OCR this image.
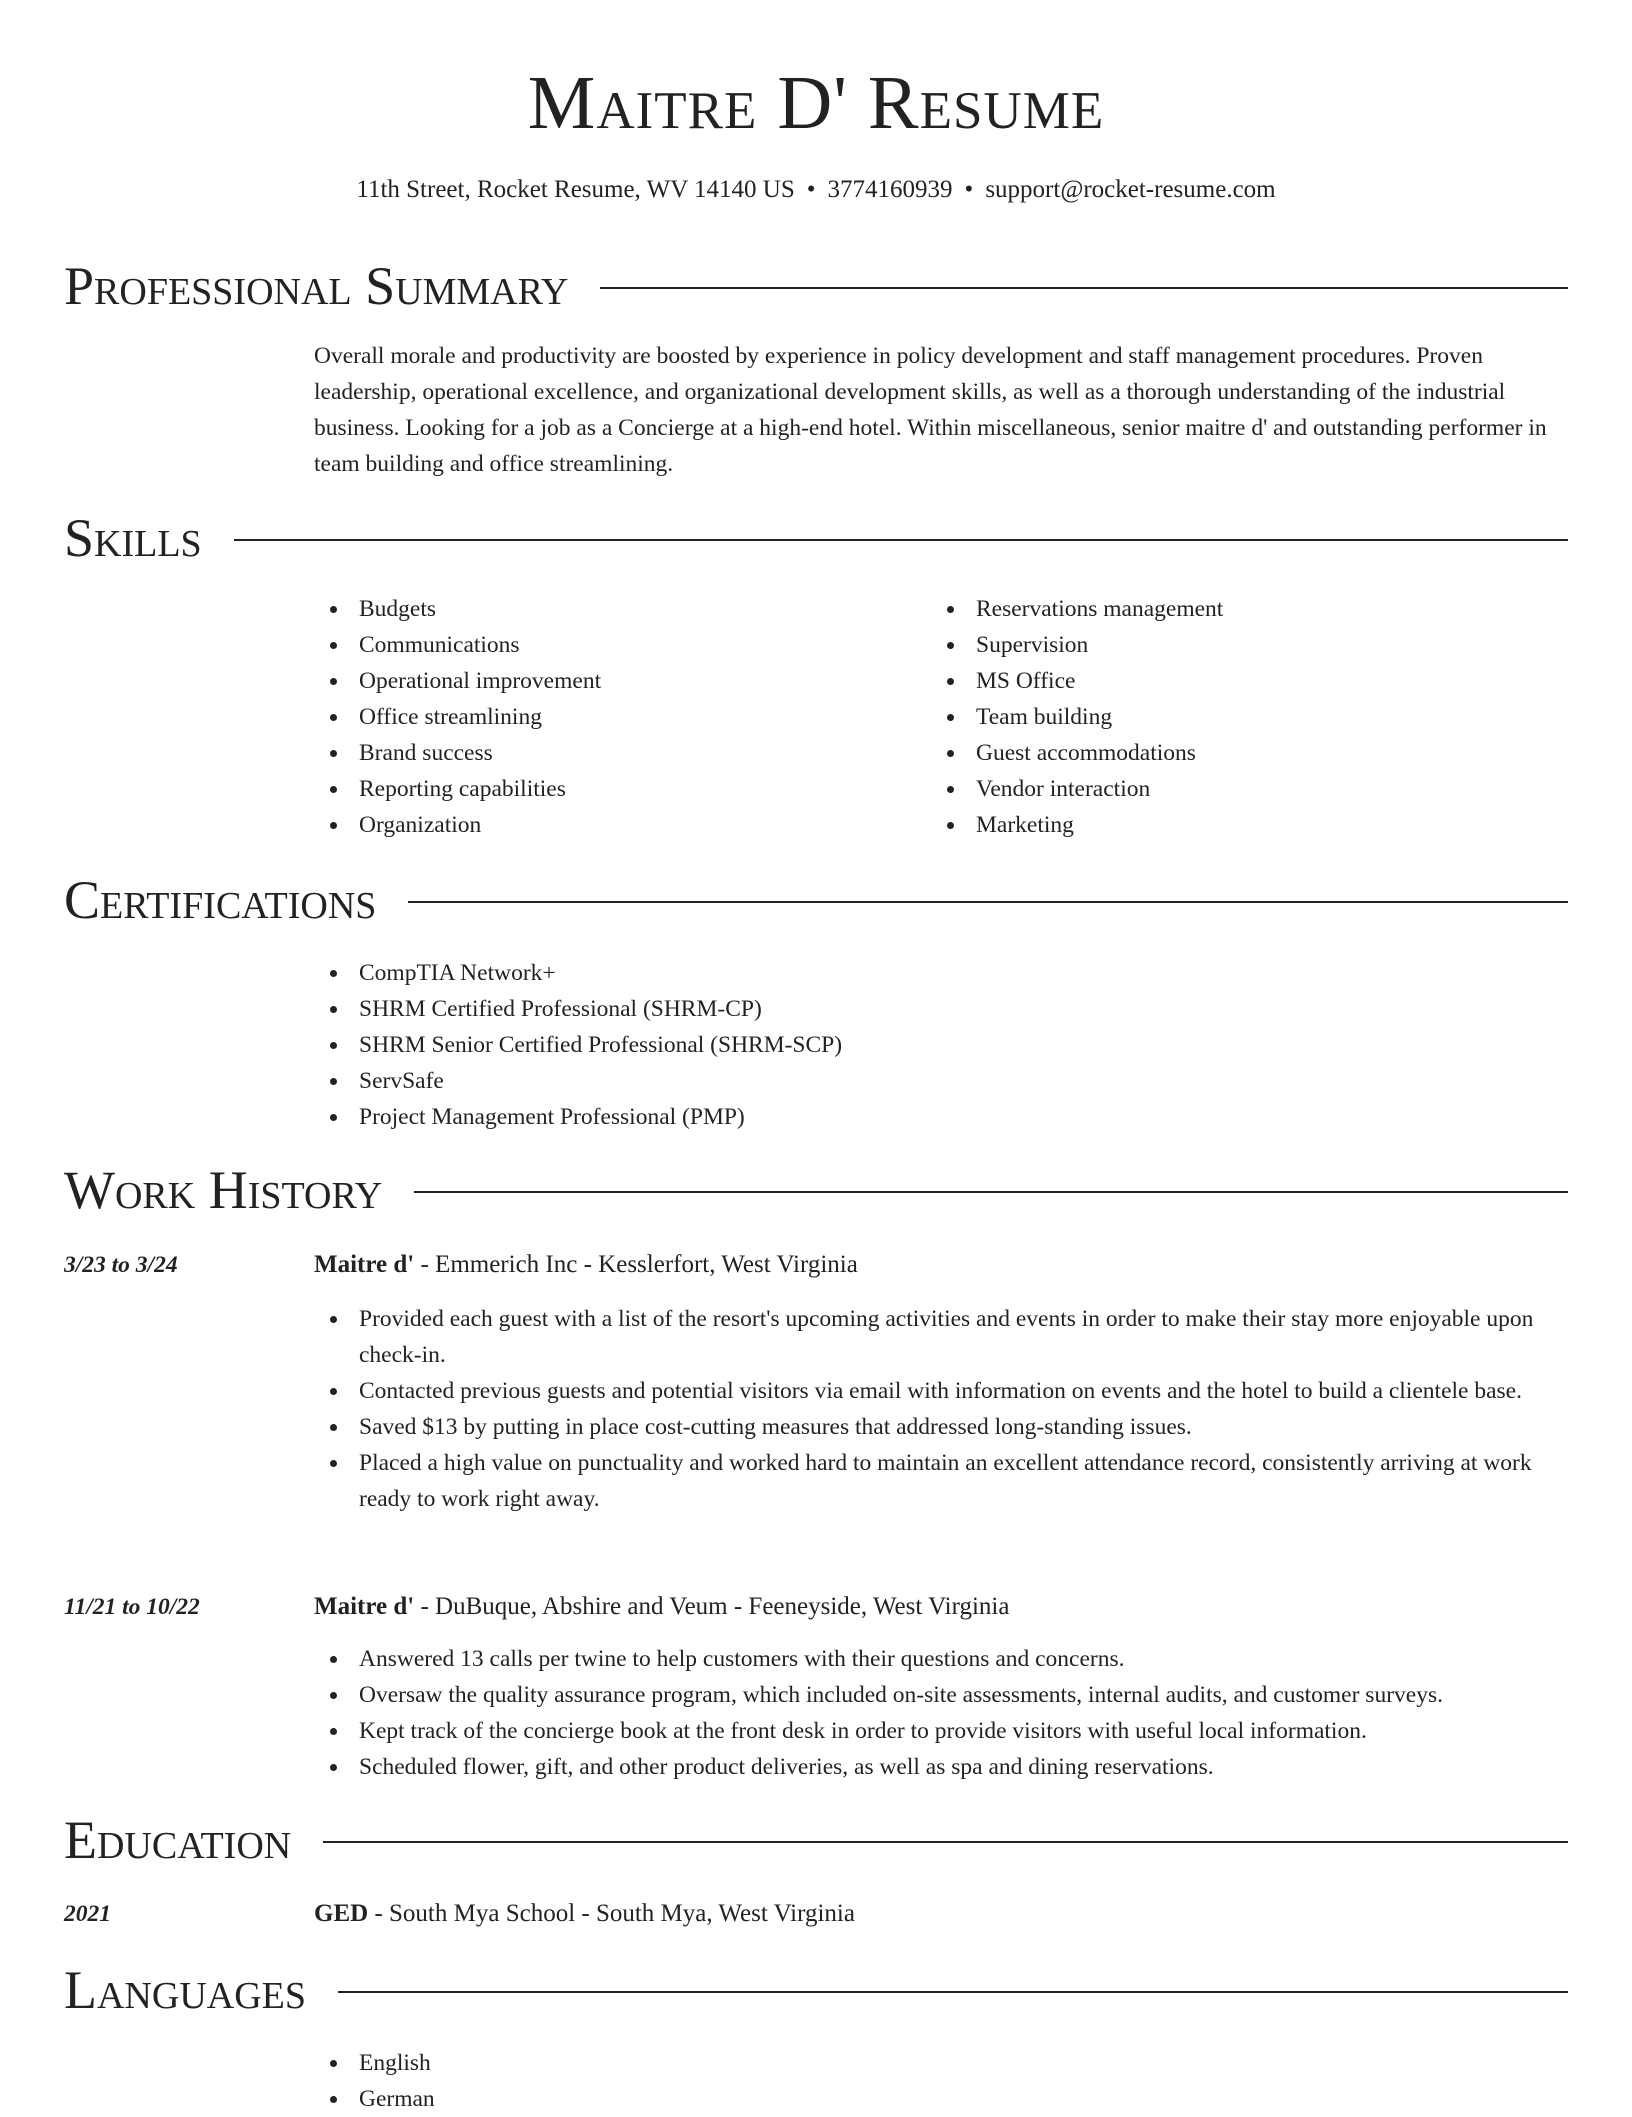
Maitre D' Resume
11th Street, Rocket Resume, WV 14140 US • 3774160939 • support@rocket-resume.com
Professional Summary

Overall morale and productivity are boosted by experience in policy development and staff management procedures. Proven leadership, operational excellence, and organizational development skills, as well as a thorough understanding of the industrial business. Looking for a job as a Concierge at a high-end hotel. Within miscellaneous, senior maitre d' and outstanding performer in team building and office streamlining.

Skills
Budgets
Communications
Operational improvement
Office streamlining
Brand success
Reporting capabilities
Organization
Reservations management
Supervision
MS Office
Team building
Guest accommodations
Vendor interaction
Marketing
Certifications
CompTIA Network+
SHRM Certified Professional (SHRM-CP)
SHRM Senior Certified Professional (SHRM-SCP)
ServSafe
Project Management Professional (PMP)
Work History
3/23 to 3/24	Maitre d' - Emmerich Inc - Kesslerfort, West Virginia
Provided each guest with a list of the resort's upcoming activities and events in order to make their stay more enjoyable upon check-in.
Contacted previous guests and potential visitors via email with information on events and the hotel to build a clientele base.
Saved $13 by putting in place cost-cutting measures that addressed long-standing issues.
Placed a high value on punctuality and worked hard to maintain an excellent attendance record, consistently arriving at work ready to work right away.
11/21 to 10/22	Maitre d' - DuBuque, Abshire and Veum - Feeneyside, West Virginia
Answered 13 calls per twine to help customers with their questions and concerns.
Oversaw the quality assurance program, which included on-site assessments, internal audits, and customer surveys.
Kept track of the concierge book at the front desk in order to provide visitors with useful local information.
Scheduled flower, gift, and other product deliveries, as well as spa and dining reservations.
Education
2021	GED - South Mya School - South Mya, West Virginia
Languages
English
German
